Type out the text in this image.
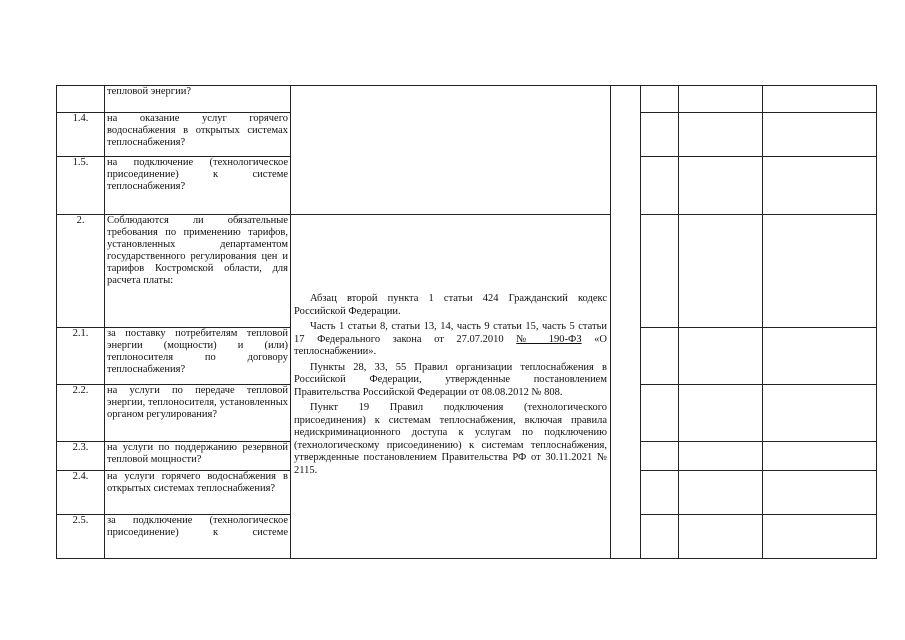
	тепловой энергии?						
1.4.	на оказание услуг горячего водоснабжения в открытых системах теплоснабжения?						
1.5.	на подключение (технологическое присоединение) к системе теплоснабжения?						
2.	Соблюдаются ли обязательные требования по применению тарифов, установленных департаментом государственного регулирования цен и тарифов Костромской области, для расчета платы:	Абзац второй пункта 1 статьи 424 Гражданский кодекс Российской Федерации.

Часть 1 статьи 8, статьи 13, 14, часть 9 статьи 15, часть 5 статьи 17 Федерального закона от 27.07.2010 № 190-ФЗ «О теплоснабжении».

Пункты 28, 33, 55 Правил организации теплоснабжения в Российской Федерации, утвержденные постановлением Правительства Российской Федерации от 08.08.2012 № 808.

Пункт 19 Правил подключения (технологического присоединения) к системам теплоснабжения, включая правила недискриминационного доступа к услугам по подключению (технологическому присоединению) к системам теплоснабжения, утвержденные постановлением Правительства РФ от 30.11.2021 № 2115.					

2.1.	за поставку потребителям тепловой энергии (мощности) и (или) теплоносителя по договору теплоснабжения?						
2.2.	на услуги по передаче тепловой энергии, теплоносителя, установленных органом регулирования?						
2.3.	на услуги по поддержанию резервной тепловой мощности?						
2.4.	на услуги горячего водоснабжения в открытых системах теплоснабжения?						
2.5.	за подключение (технологическое присоединение) к системе						
